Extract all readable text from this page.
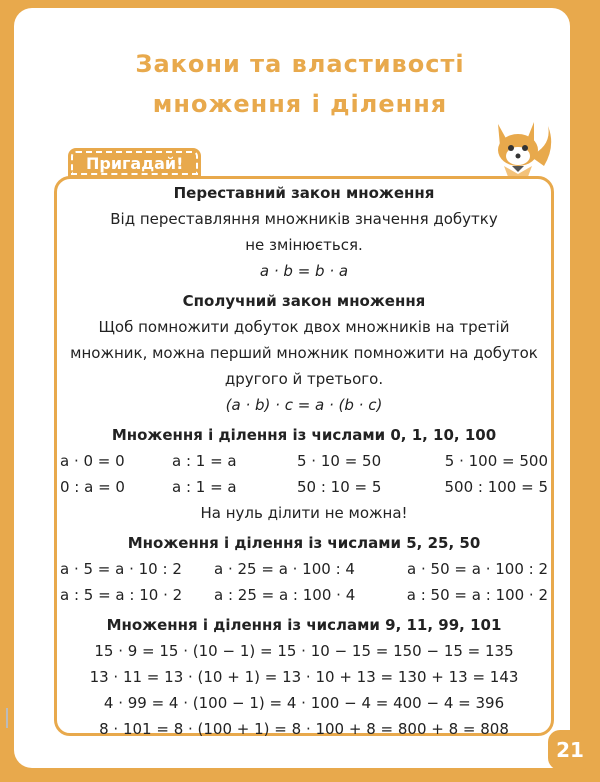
Закони та властивості
множення і ділення
Пригадай!
Переставний закон множення
Від переставляння множників значення добутку
не змінюється.
a · b = b · a
Сполучний закон множення
Щоб помножити добуток двох множників на третій
множник, можна перший множник помножити на добуток
другого й третього.
(a · b) · c = a · (b · c)
Множення і ділення із числами 0, 1, 10, 100
a · 0 = 0	a : 1 = a	5 · 10 = 50	5 · 100 = 500
0 : a = 0	a : 1 = a	50 : 10 = 5	500 : 100 = 5
На нуль ділити не можна!
Множення і ділення із числами 5, 25, 50
a · 5 = a · 10 : 2	a · 25 = a · 100 : 4	a · 50 = a · 100 : 2
a : 5 = a : 10 · 2	a : 25 = a : 100 · 4	a : 50 = a : 100 · 2
Множення і ділення із числами 9, 11, 99, 101
15 · 9 = 15 · (10 − 1) = 15 · 10 − 15 = 150 − 15 = 135
13 · 11 = 13 · (10 + 1) = 13 · 10 + 13 = 130 + 13 = 143
4 · 99 = 4 · (100 − 1) = 4 · 100 − 4 = 400 − 4 = 396
8 · 101 = 8 · (100 + 1) = 8 · 100 + 8 = 800 + 8 = 808
21
